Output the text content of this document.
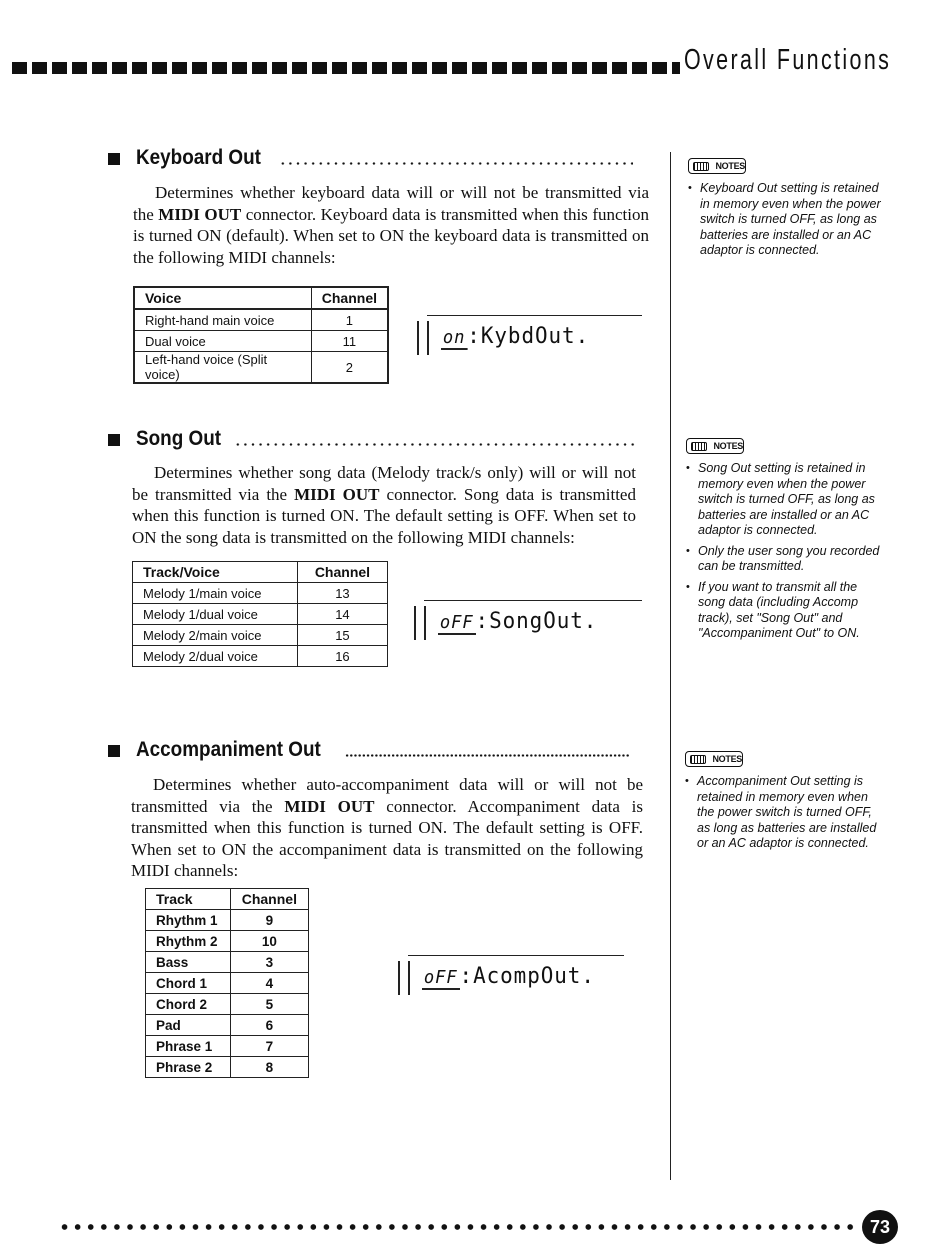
Overall Functions
Keyboard Out

Determines whether keyboard data will or will not be transmitted via the MIDI OUT connector. Keyboard data is transmitted when this function is turned ON (default). When set to ON the keyboard data is transmitted on the following MIDI channels:

Voice	Channel
Right-hand main voice	1
Dual voice	11
Left-hand voice (Split voice)	2
on:KybdOut.
NOTES
• Keyboard Out setting is retained in memory even when the power switch is turned OFF, as long as batteries are installed or an AC adaptor is connected.
Song Out

Determines whether song data (Melody track/s only) will or will not be transmitted via the MIDI OUT connector. Song data is transmitted when this function is turned ON. The default setting is OFF. When set to ON the song data is transmitted on the following MIDI channels:

Track/Voice	Channel
Melody 1/main voice	13
Melody 1/dual voice	14
Melody 2/main voice	15
Melody 2/dual voice	16
oFF:SongOut.
NOTES
• Song Out setting is retained in memory even when the power switch is turned OFF, as long as batteries are installed or an AC adaptor is connected.
• Only the user song you recorded can be transmitted.
• If you want to transmit all the song data (including Accomp track), set "Song Out" and "Accompaniment Out" to ON.
Accompaniment Out

Determines whether auto-accompaniment data will or will not be transmitted via the MIDI OUT connector. Accompaniment data is transmitted when this function is turned ON. The default setting is OFF. When set to ON the accompaniment data is transmitted on the following MIDI channels:

Track	Channel
Rhythm 1	9
Rhythm 2	10
Bass	3
Chord 1	4
Chord 2	5
Pad	6
Phrase 1	7
Phrase 2	8
oFF:AcompOut.
NOTES
• Accompaniment Out setting is retained in memory even when the power switch is turned OFF, as long as batteries are installed or an AC adaptor is connected.
73
